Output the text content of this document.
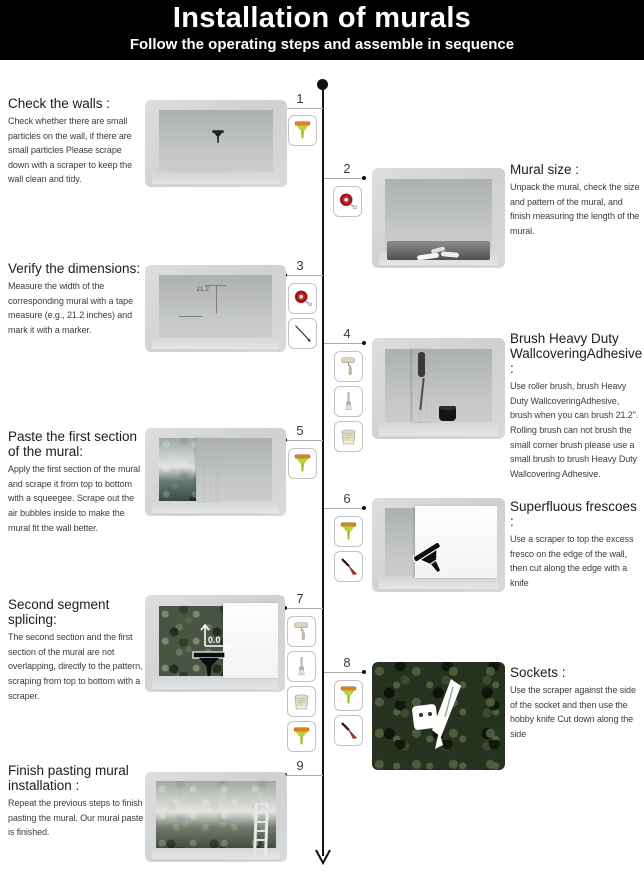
Installation of murals
Follow the operating steps and assemble in sequence
1
Check the walls :
Check whether there are small particles on the wall, if there are small particles Please scrape down with a scraper to keep the wall clean and tidy.
2	Mural size :
Unpack the mural, check the size and pattern of the mural, and finish measuring the length of the mural.
3
21.2
Verify the dimensions:
Measure the width of the corresponding mural with a tape measure (e.g., 21.2 inches) and mark it with a marker.	4	Brush Heavy Duty WallcoveringAdhesive :
Use roller brush, brush Heavy Duty WallcoveringAdhesive, brush when you can brush 21.2". Rolling brush can not brush the small corner brush please use a small brush to brush Heavy Duty Wallcovering Adhesive.
5
Paste the first section of the mural:
Apply the first section of the mural and scrape it from top to bottom with a squeegee. Scrape out the air bubbles inside to make the mural fit the wall better.
6
Superfluous frescoes :
Use a scraper to top the excess fresco on the edge of the wall, then cut along the edge with a knife
7
0.0
Second segment splicing:
The second section and the first section of the mural are not overlapping, directly to the pattern, scraping from top to bottom with a scraper.
8
Sockets :
Use the scraper against the side of the socket and then use the hobby knife Cut down along the side
9
Finish pasting mural installation :
Repeat the previous steps to finish pasting the mural. Our mural paste is finished.
